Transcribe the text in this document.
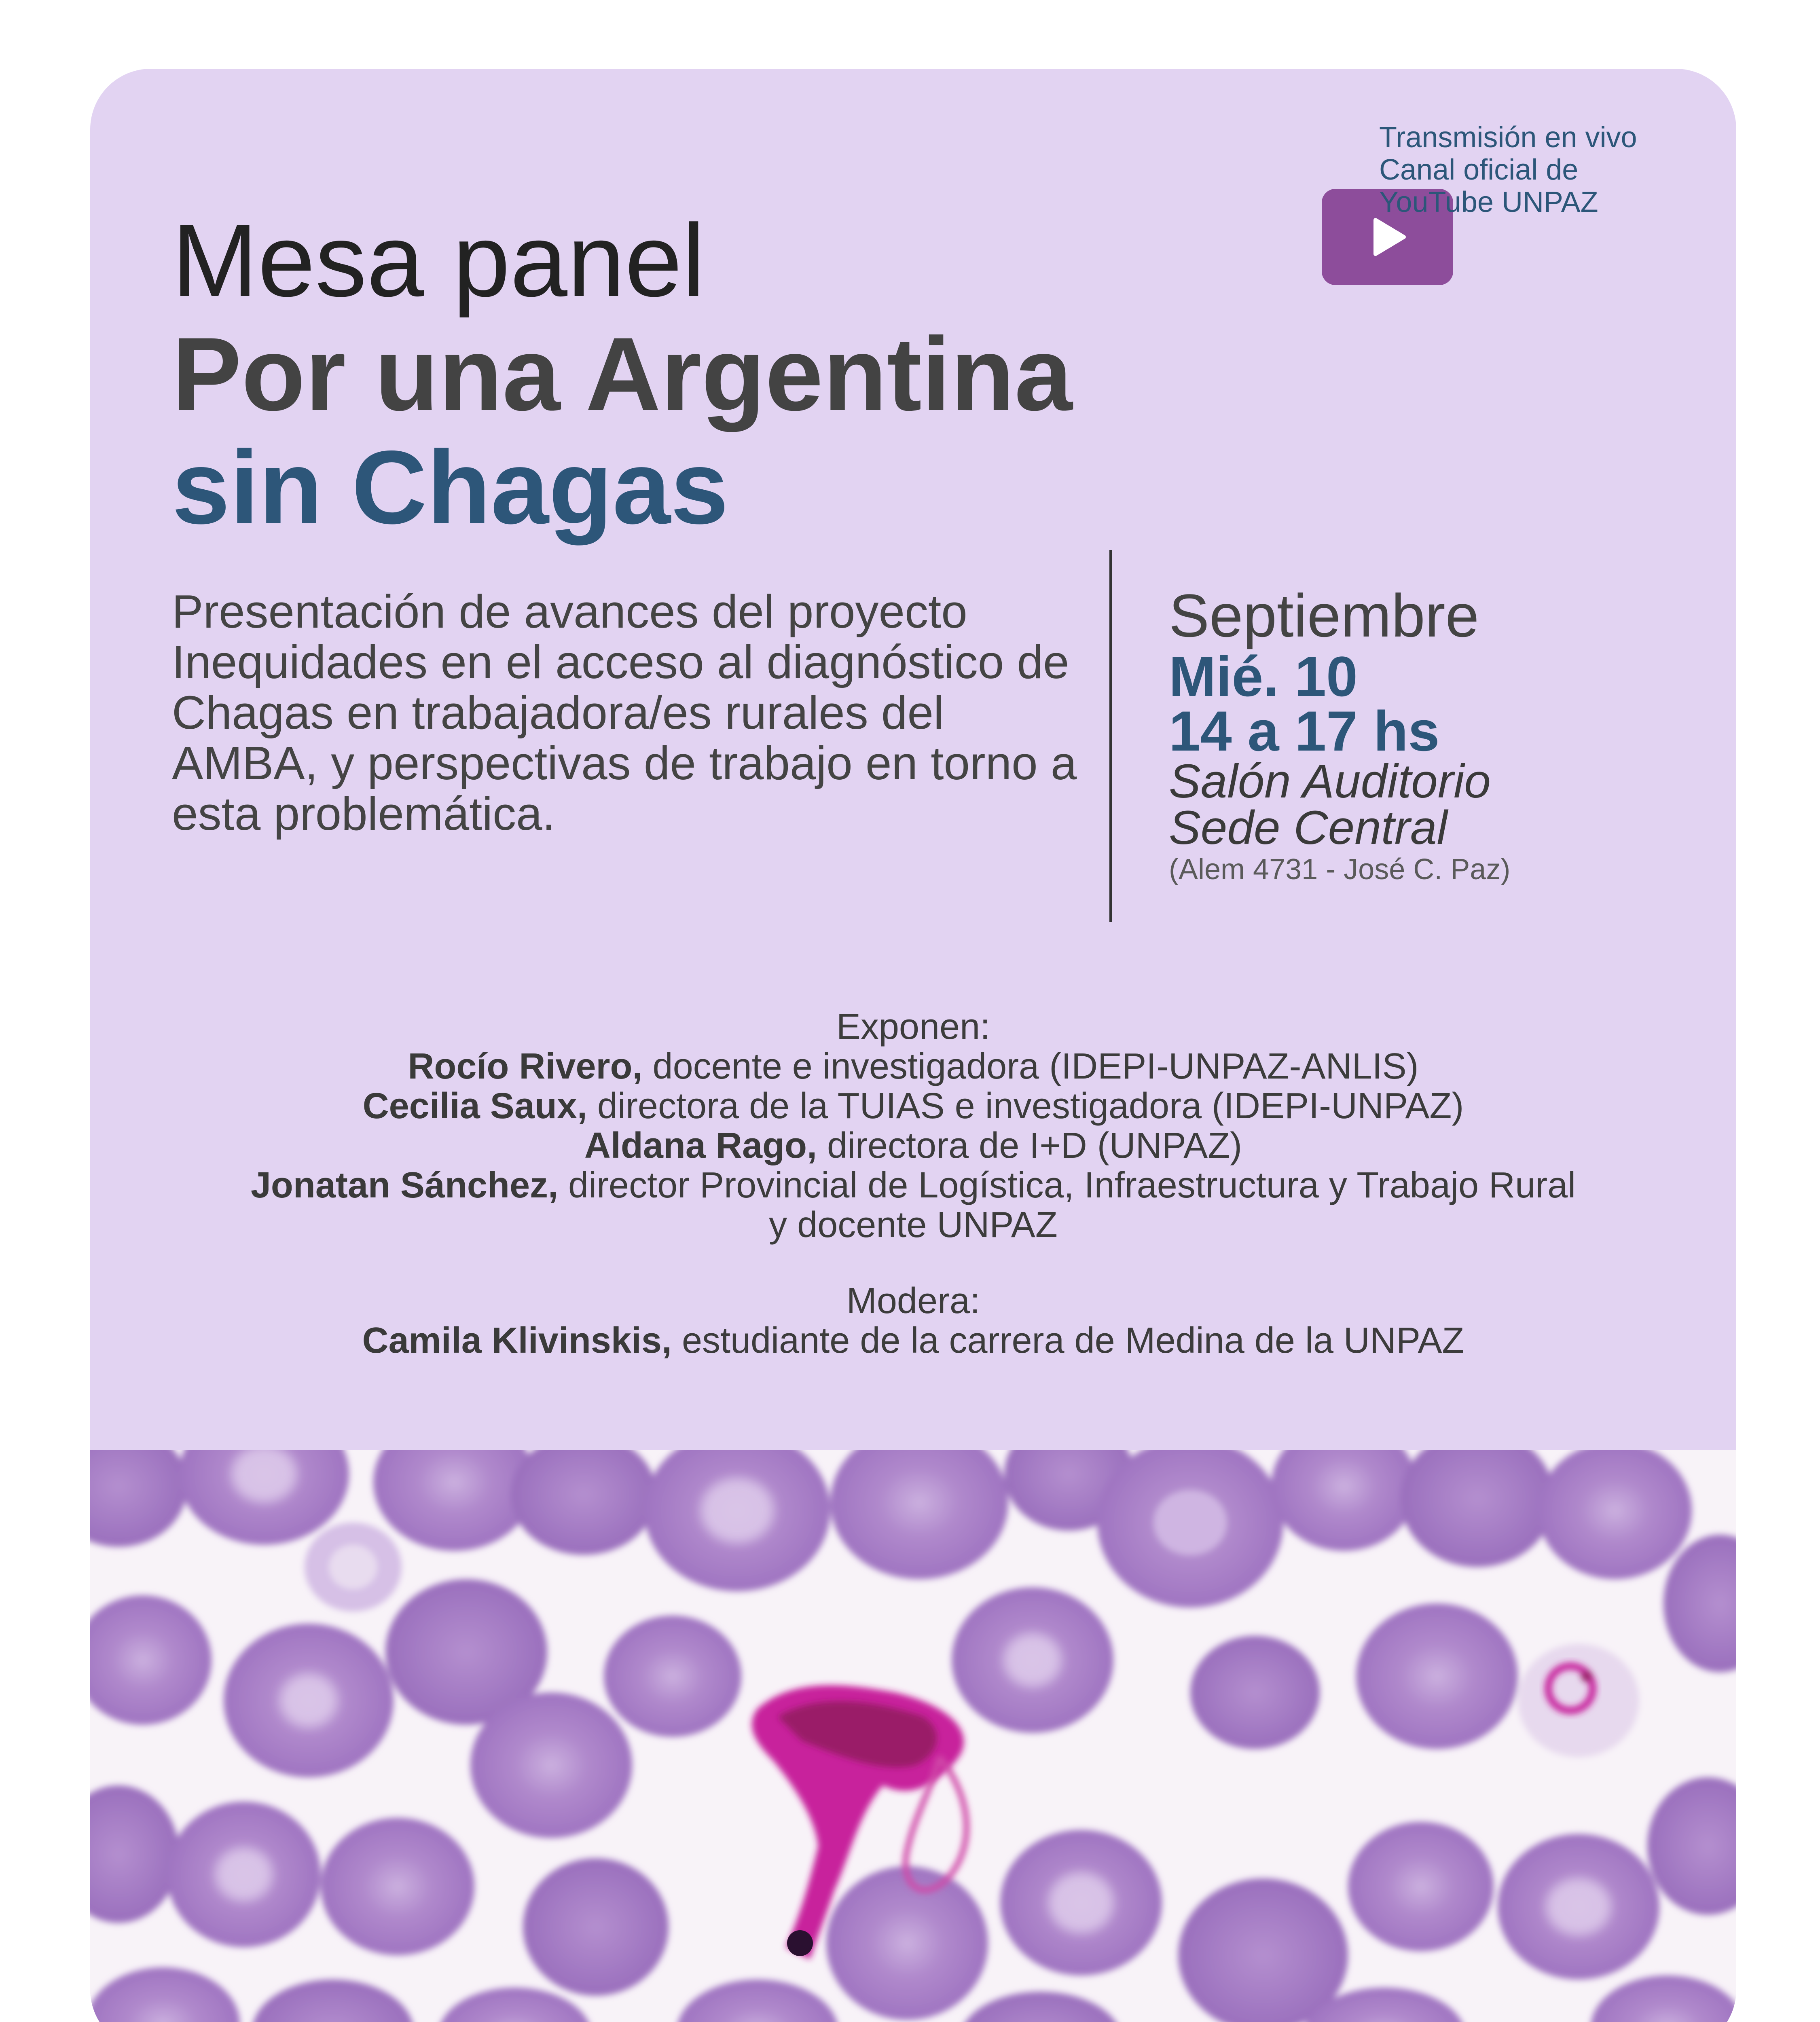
Transmisión en vivo
Canal oficial de
YouTube UNPAZ
Mesa panel
Por una Argentina
sin Chagas
Presentación de avances del proyecto Inequidades en el acceso al diagnóstico de Chagas en trabajadora/es rurales del AMBA, y perspectivas de trabajo en torno a esta problemática.
Septiembre
Mié. 10
14 a 17 hs
Salón Auditorio
Sede Central
(Alem 4731 - José C. Paz)
Exponen:
Rocío Rivero, docente e investigadora (IDEPI-UNPAZ-ANLIS)
Cecilia Saux, directora de la TUIAS e investigadora (IDEPI-UNPAZ)
Aldana Rago, directora de I+D (UNPAZ)
Jonatan Sánchez, director Provincial de Logística, Infraestructura y Trabajo Rural
y docente UNPAZ
Modera:
Camila Klivinskis, estudiante de la carrera de Medina de la UNPAZ
